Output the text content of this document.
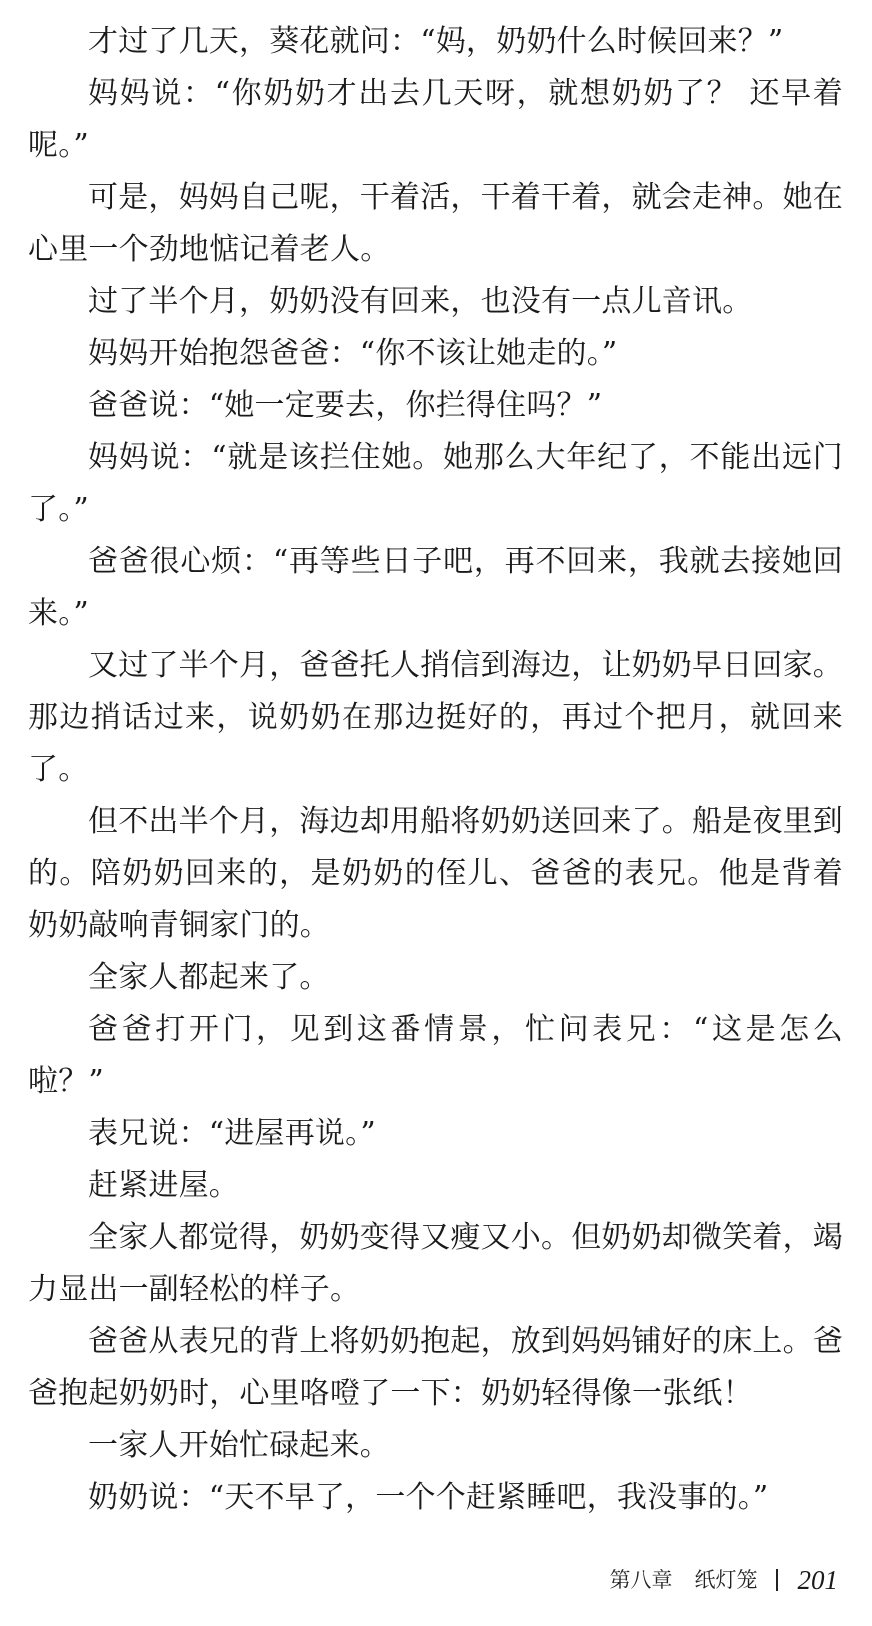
才过了几天，葵花就问：“妈，奶奶什么时候回来？”

妈妈说：“你奶奶才出去几天呀，就想奶奶了？ 还早着呢。”

可是，妈妈自己呢，干着活，干着干着，就会走神。她在心里一个劲地惦记着老人。

过了半个月，奶奶没有回来，也没有一点儿音讯。

妈妈开始抱怨爸爸：“你不该让她走的。”

爸爸说：“她一定要去，你拦得住吗？”

妈妈说：“就是该拦住她。她那么大年纪了，不能出远门了。”

爸爸很心烦：“再等些日子吧，再不回来，我就去接她回来。”

又过了半个月，爸爸托人捎信到海边，让奶奶早日回家。那边捎话过来，说奶奶在那边挺好的，再过个把月，就回来了。

但不出半个月，海边却用船将奶奶送回来了。船是夜里到的。陪奶奶回来的，是奶奶的侄儿、爸爸的表兄。他是背着奶奶敲响青铜家门的。

全家人都起来了。

爸爸打开门，见到这番情景，忙问表兄：“这是怎么啦？”

表兄说：“进屋再说。”

赶紧进屋。

全家人都觉得，奶奶变得又瘦又小。但奶奶却微笑着，竭力显出一副轻松的样子。

爸爸从表兄的背上将奶奶抱起，放到妈妈铺好的床上。爸爸抱起奶奶时，心里咯噔了一下：奶奶轻得像一张纸！

一家人开始忙碌起来。

奶奶说：“天不早了，一个个赶紧睡吧，我没事的。”

第八章 纸灯笼 201
